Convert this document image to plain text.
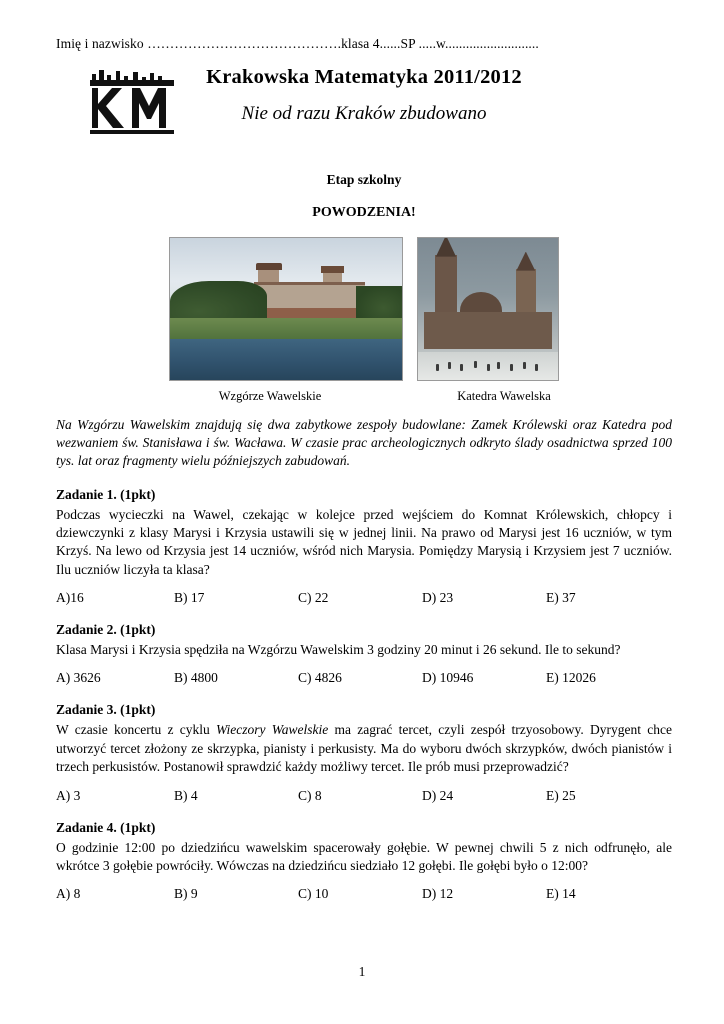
Imię i nazwisko …………………………………….klasa 4......SP .....w...........................
Krakowska Matematyka 2011/2012
Nie od razu Kraków zbudowano
Etap szkolny
POWODZENIA!
Wzgórze Wawelskie	Katedra Wawelska
Na Wzgórzu Wawelskim znajdują się dwa zabytkowe zespoły budowlane: Zamek Królewski oraz Katedra pod wezwaniem św. Stanisława i św. Wacława. W czasie prac archeologicznych odkryto ślady osadnictwa sprzed 100 tys. lat oraz fragmenty wielu późniejszych zabudowań.
Zadanie 1. (1pkt)
Podczas wycieczki na Wawel, czekając w kolejce przed wejściem do Komnat Królewskich, chłopcy i dziewczynki z klasy Marysi i Krzysia ustawili się w jednej linii. Na prawo od Marysi jest 16 uczniów, w tym Krzyś. Na lewo od Krzysia jest 14 uczniów, wśród nich Marysia. Pomiędzy Marysią i Krzysiem jest 7 uczniów. Ilu uczniów liczyła ta klasa?
A)16	B) 17	C) 22	D) 23	E) 37
Zadanie 2. (1pkt)
Klasa Marysi i Krzysia spędziła na Wzgórzu Wawelskim 3 godziny 20 minut i 26 sekund. Ile to sekund?
A) 3626	B) 4800	C) 4826	D) 10946	E) 12026
Zadanie 3. (1pkt)
W czasie koncertu z cyklu Wieczory Wawelskie ma zagrać tercet, czyli zespół trzyosobowy. Dyrygent chce utworzyć tercet złożony ze skrzypka, pianisty i perkusisty. Ma do wyboru dwóch skrzypków, dwóch pianistów i trzech perkusistów. Postanowił sprawdzić każdy możliwy tercet. Ile prób musi przeprowadzić?
A) 3	B) 4	C) 8	D) 24	E) 25
Zadanie 4. (1pkt)
O godzinie 12:00 po dziedzińcu wawelskim spacerowały gołębie. W pewnej chwili 5 z nich odfrunęło, ale wkrótce 3 gołębie powróciły. Wówczas na dziedzińcu siedziało 12 gołębi. Ile gołębi było o 12:00?
A) 8	B) 9	C) 10	D) 12	E) 14
1
